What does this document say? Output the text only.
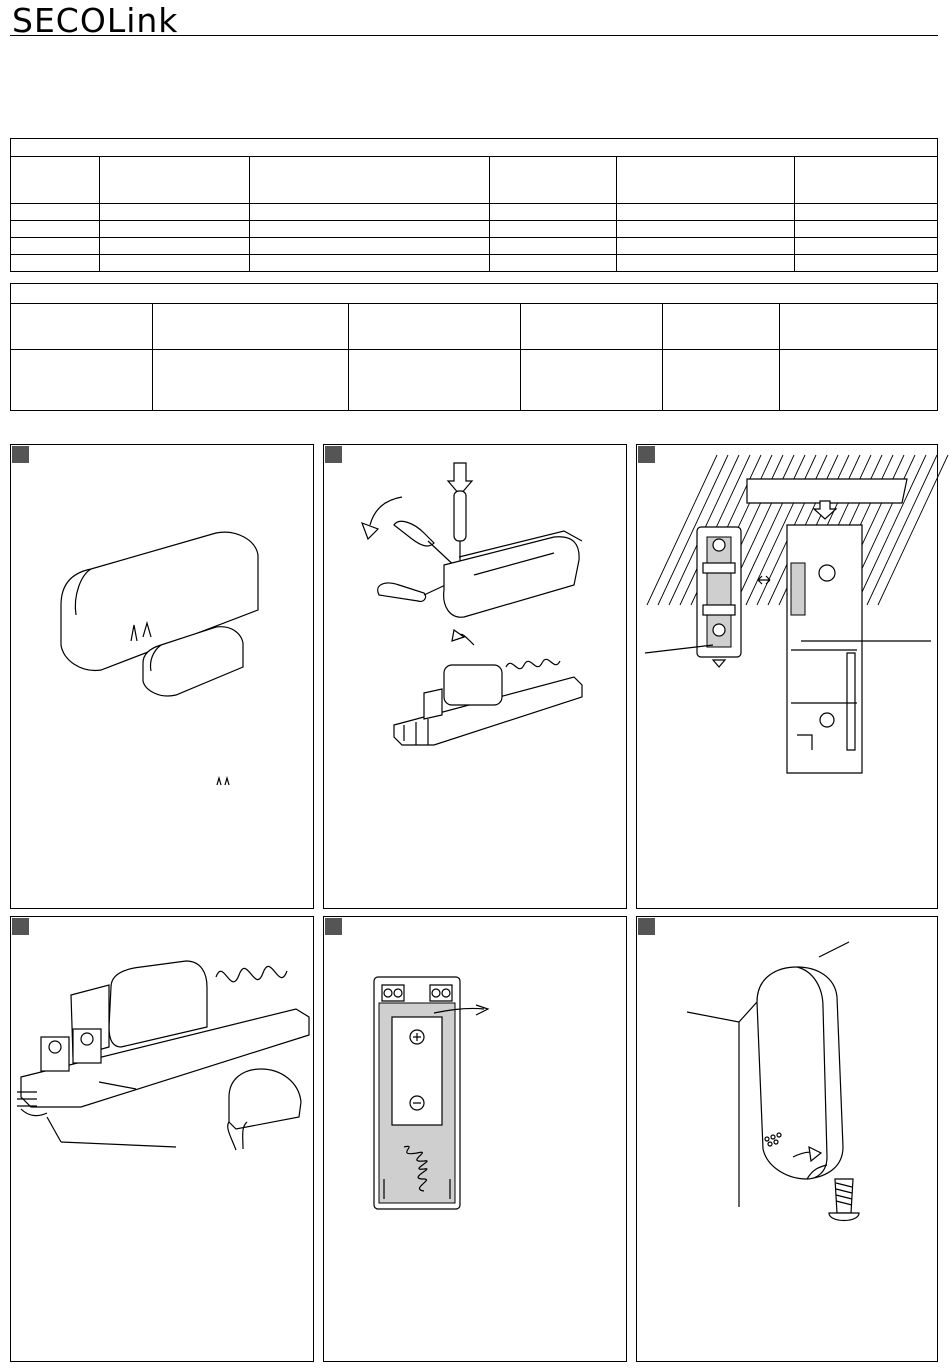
SECOLink
